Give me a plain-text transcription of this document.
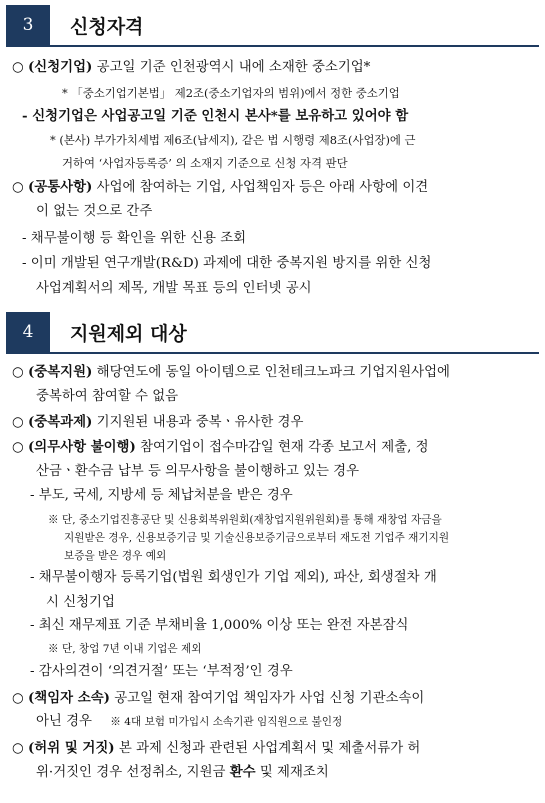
3	신청자격
○ (신청기업) 공고일 기준 인천광역시 내에 소재한 중소기업*
* 「중소기업기본법」 제2조(중소기업자의 범위)에서 정한 중소기업
- 신청기업은 사업공고일 기준 인천시 본사*를 보유하고 있어야 함
* (본사) 부가가치세법 제6조(납세지), 같은 법 시행령 제8조(사업장)에 근
거하여 ‘사업자등록증’ 의 소재지 기준으로 신청 자격 판단
○ (공통사항) 사업에 참여하는 기업, 사업책임자 등은 아래 사항에 이견
이 없는 것으로 간주
- 채무불이행 등 확인을 위한 신용 조회
- 이미 개발된 연구개발(R&D) 과제에 대한 중복지원 방지를 위한 신청
사업계획서의 제목, 개발 목표 등의 인터넷 공시
4	지원제외 대상
○ (중복지원) 해당연도에 동일 아이템으로 인천테크노파크 기업지원사업에
중복하여 참여할 수 없음
○ (중복과제) 기지원된 내용과 중복ㆍ유사한 경우
○ (의무사항 불이행) 참여기업이 접수마감일 현재 각종 보고서 제출, 정
산금ㆍ환수금 납부 등 의무사항을 불이행하고 있는 경우
- 부도, 국세, 지방세 등 체납처분을 받은 경우
※ 단, 중소기업진흥공단 및 신용회복위원회(재창업지원위원회)를 통해 재창업 자금을
지원받은 경우, 신용보증기금 및 기술신용보증기금으로부터 재도전 기업주 재기지원
보증을 받은 경우 예외
- 채무불이행자 등록기업(법원 회생인가 기업 제외), 파산, 회생절차 개
시 신청기업
- 최신 재무제표 기준 부채비율 1,000% 이상 또는 완전 자본잠식
※ 단, 창업 7년 이내 기업은 제외
- 감사의견이 ‘의견거절’ 또는 ‘부적정’인 경우
○ (책임자 소속) 공고일 현재 참여기업 책임자가 사업 신청 기관소속이
아닌 경우 ※ 4대 보험 미가입시 소속기관 임직원으로 불인정
○ (허위 및 거짓) 본 과제 신청과 관련된 사업계획서 및 제출서류가 허
위·거짓인 경우 선정취소, 지원금 환수 및 제재조치
